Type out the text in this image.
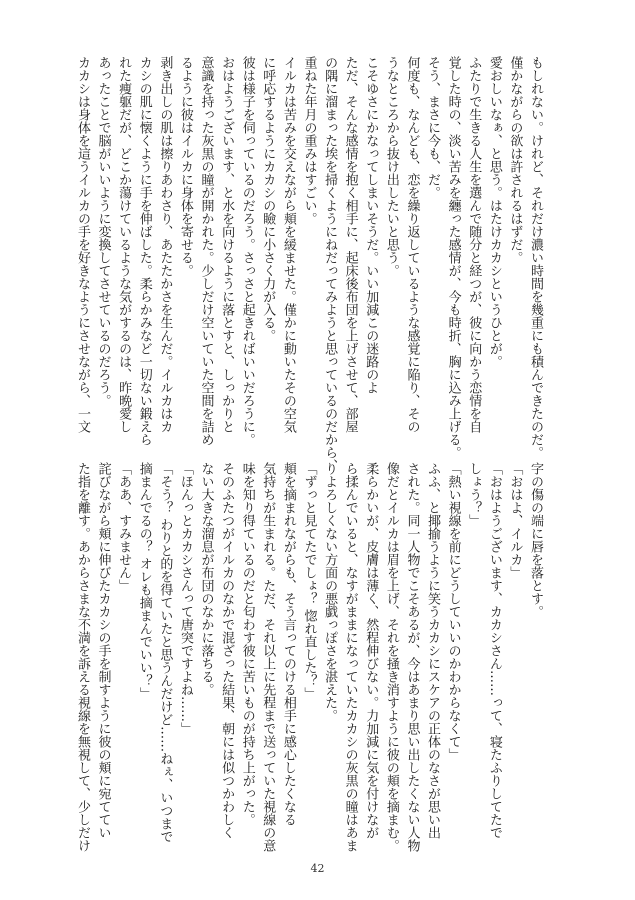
もしれない。けれど、それだけ濃い時間を幾重にも積んできたのだ。
僅かながらの欲は許されるはずだ。
愛おしいなぁ、と思う。はたけカカシというひとが。
ふたりで生きる人生を選んで随分と経つが、彼に向かう恋情を自
覚した時の、淡い苦みを纏った感情が、今も時折、胸に込み上げる。
そう、まさに今も、だ。
何度も、なんども、恋を繰り返しているような感覚に陥り、その
うなところから抜け出したいと思う。
こそゆさにかなってしまいそうだ。いい加減この迷路のよ
ただ、そんな感情を抱く相手に、起床後布団を上げさせて、部屋
の隅に溜まった埃を掃くようにねだってみようと思っているのだから、
重ねた年月の重みはすごい。
イルカは苦みを交えながら頬を緩ませた。僅かに動いたその空気
に呼応するようにカカシの瞼に小さく力が入る。
彼は様子を伺っているのだろう。さっさと起きればいいだろうに。
おはようございます、と水を向けるように落とすと、しっかりと
意識を持った灰黒の瞳が開かれた。少しだけ空いていた空間を詰め
るように彼はイルカに身体を寄せる。
剥き出しの肌は擦りあわさり、あたたかさを生んだ。イルカはカ
カシの肌に懐くように手を伸ばした。柔らかみなど一切ない鍛えら
れた痩躯だが、どこか蕩けているような気がするのは、昨晩愛し
あったことで脳がいいように変換してさせているのだろう。
カカシは身体を這うイルカの手を好きなようにさせながら、一文
字の傷の端に唇を落とす。
「おはよ、イルカ」
「おはようございます、カカシさん……って、寝たふりしてたで
しょう？」
「熱い視線を前にどうしていいのかわからなくて」
ふふ、と揶揄うように笑うカカシにスケアの正体のなさが思い出
された。同一人物でこそあるが、今はあまり思い出したくない人物
像だとイルカは眉を上げ、それを掻き消すように彼の頬を摘まむ。
柔らかいが、皮膚は薄く、然程伸びない。力加減に気を付けなが
ら揉んでいると、なすがままになっていたカカシの灰黒の瞳はあま
りよろしくない方面の悪戯っぽさを湛えた。
「ずっと見てたでしょ？ 惚れ直した？」
頬を摘まれながらも、そう言ってのける相手に感心したくなる
気持ちが生まれる。ただ、それ以上に先程まで送っていた視線の意
味を知り得ているのだと匂わす彼に苦いものが持ち上がった。
そのふたつがイルカのなかで混ざった結果、朝には似つかわしく
ない大きな溜息が布団のなかに落ちる。
「ほんっとカカシさんって唐突ですよね……」
「そう？ わりと的を得ていたと思うんだけど……ねぇ、いつまで
摘まんでるの？ オレも摘まんでいい？」
「ああ、すみません」
詫びながら頬に伸びたカカシの手を制すように彼の頬に宛ててい
た指を離す。あからさまな不満を訴える視線を無視して、少しだけ
42
